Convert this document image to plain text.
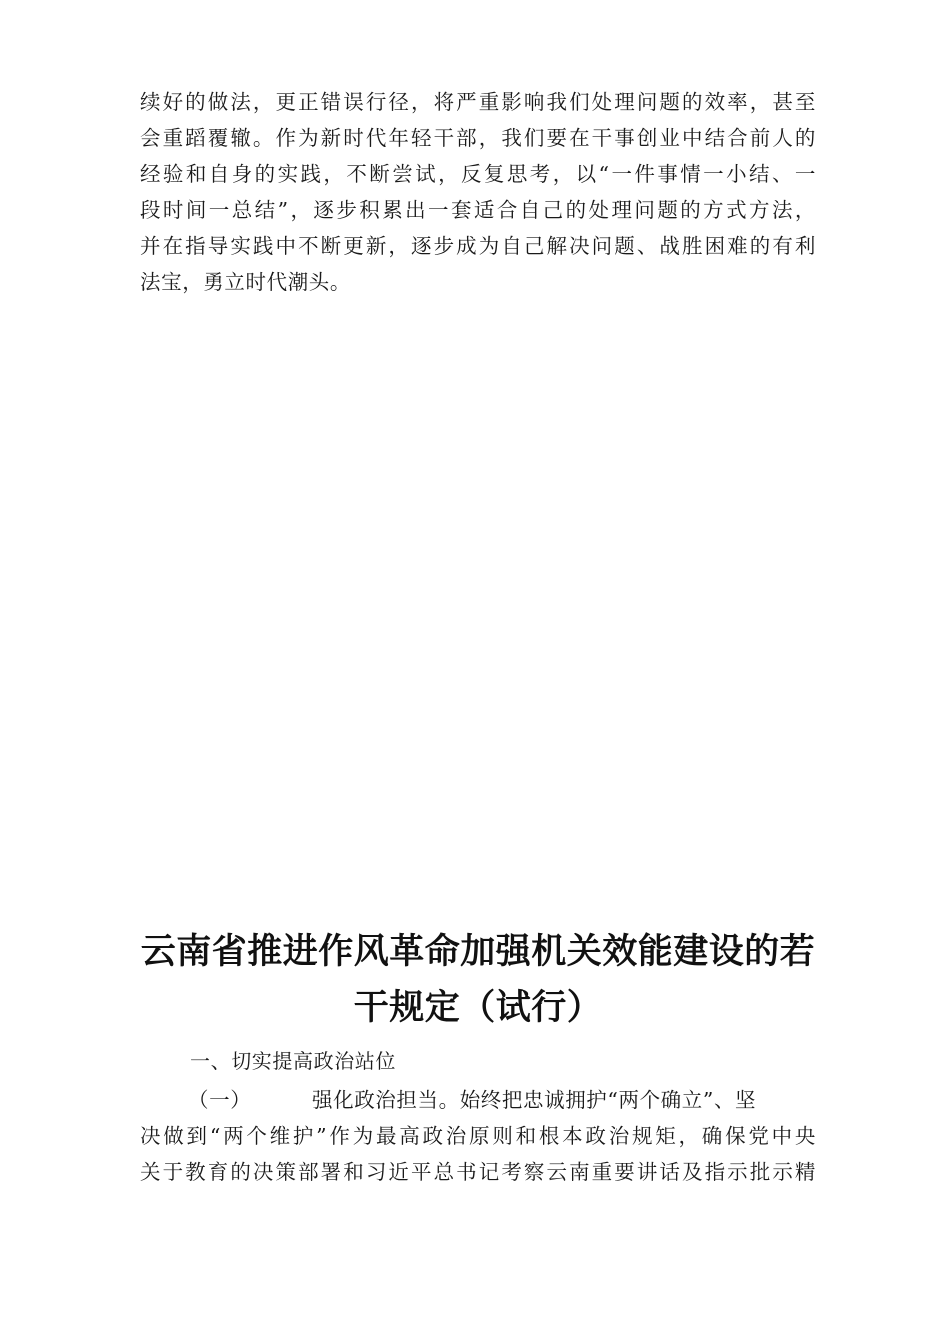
续好的做法，更正错误行径，将严重影响我们处理问题的效率，甚至
会重蹈覆辙。作为新时代年轻干部，我们要在干事创业中结合前人的
经验和自身的实践，不断尝试，反复思考，以“一件事情一小结、一
段时间一总结”，逐步积累出一套适合自己的处理问题的方式方法，
并在指导实践中不断更新，逐步成为自己解决问题、战胜困难的有利
法宝，勇立时代潮头。
云南省推进作风革命加强机关效能建设的若
干规定（试行）
一、切实提高政治站位
（一）	强化政治担当。始终把忠诚拥护“两个确立”、坚
决做到“两个维护”作为最高政治原则和根本政治规矩，确保党中央
关于教育的决策部署和习近平总书记考察云南重要讲话及指示批示精
